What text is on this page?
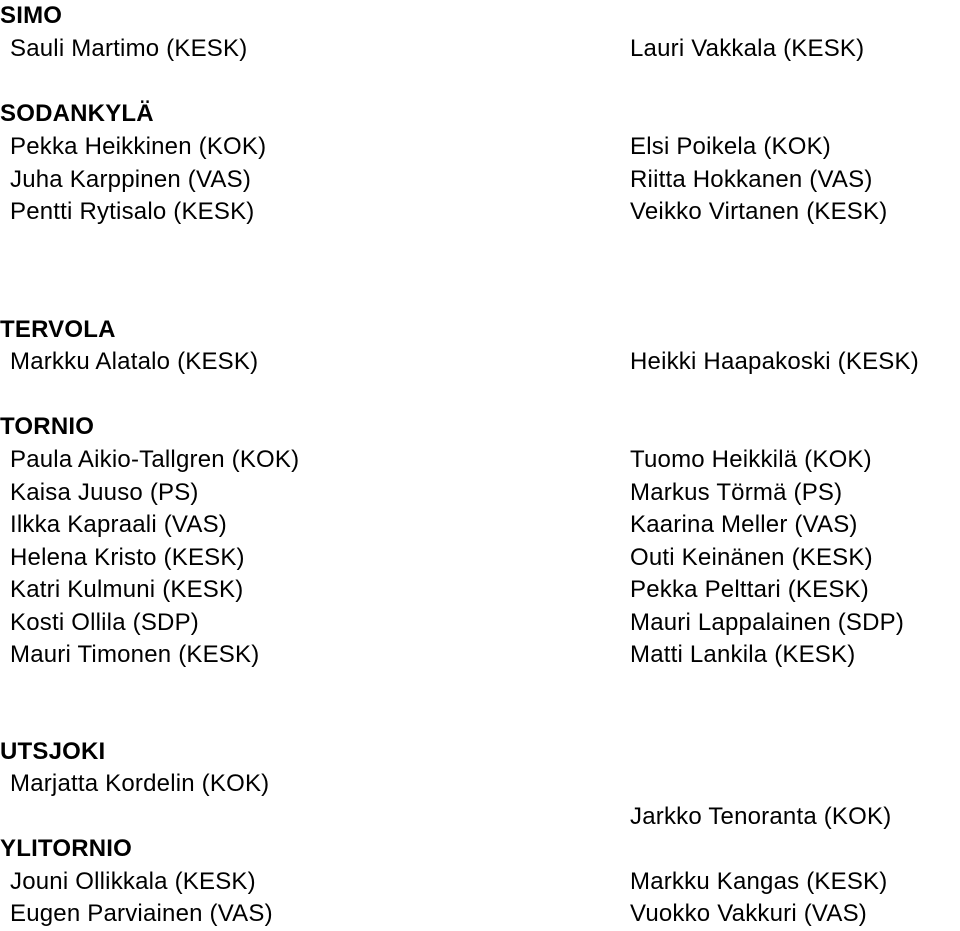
SIMO
Sauli Martimo (KESK)	Lauri Vakkala (KESK)
SODANKYLÄ
Pekka Heikkinen (KOK)
Juha Karppinen (VAS)
Pentti Rytisalo (KESK)
Elsi Poikela (KOK)
Riitta Hokkanen (VAS)
Veikko Virtanen (KESK)
TERVOLA
Markku Alatalo (KESK)	Heikki Haapakoski (KESK)
TORNIO
Paula Aikio-Tallgren (KOK)
Kaisa Juuso (PS)
Ilkka Kapraali (VAS)
Helena Kristo (KESK)
Katri Kulmuni (KESK)
Kosti Ollila (SDP)
Mauri Timonen (KESK)
Tuomo Heikkilä (KOK)
Markus Törmä (PS)
Kaarina Meller (VAS)
Outi Keinänen (KESK)
Pekka Pelttari (KESK)
Mauri Lappalainen (SDP)
Matti Lankila (KESK)
UTSJOKI
Marjatta Kordelin (KOK)
Jarkko Tenoranta (KOK)
YLITORNIO
Jouni Ollikkala (KESK)
Eugen Parviainen (VAS)
Markku Kangas (KESK)
Vuokko Vakkuri (VAS)
